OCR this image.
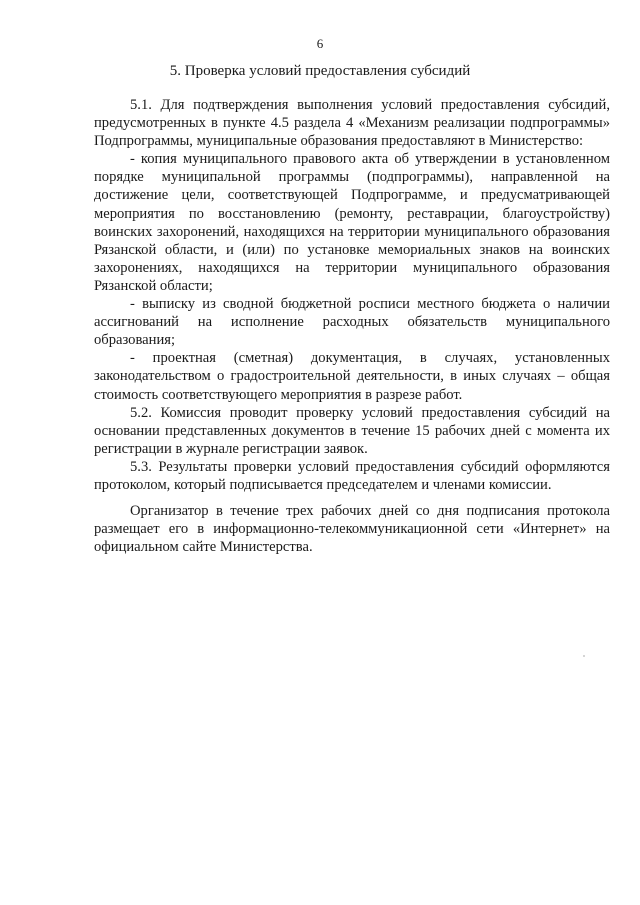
6
5. Проверка условий предоставления субсидий

5.1. Для подтверждения выполнения условий предоставления субсидий, предусмотренных в пункте 4.5 раздела 4 «Механизм реализации подпрограммы» Подпрограммы, муниципальные образования предоставляют в Министерство:

- копия муниципального правового акта об утверждении в установленном порядке муниципальной программы (подпрограммы), направленной на достижение цели, соответствующей Подпрограмме, и предусматривающей мероприятия по восстановлению (ремонту, реставрации, благоустройству) воинских захоронений, находящихся на территории муниципального образования Рязанской области, и (или) по установке мемориальных знаков на воинских захоронениях, находящихся на территории муниципального образования Рязанской области;

- выписку из сводной бюджетной росписи местного бюджета о наличии ассигнований на исполнение расходных обязательств муниципального образования;

- проектная (сметная) документация, в случаях, установленных законодательством о градостроительной деятельности, в иных случаях – общая стоимость соответствующего мероприятия в разрезе работ.

5.2. Комиссия проводит проверку условий предоставления субсидий на основании представленных документов в течение 15 рабочих дней с момента их регистрации в журнале регистрации заявок.

5.3. Результаты проверки условий предоставления субсидий оформляются протоколом, который подписывается председателем и членами комиссии.

Организатор в течение трех рабочих дней со дня подписания протокола размещает его в информационно-телекоммуникационной сети «Интернет» на официальном сайте Министерства.
